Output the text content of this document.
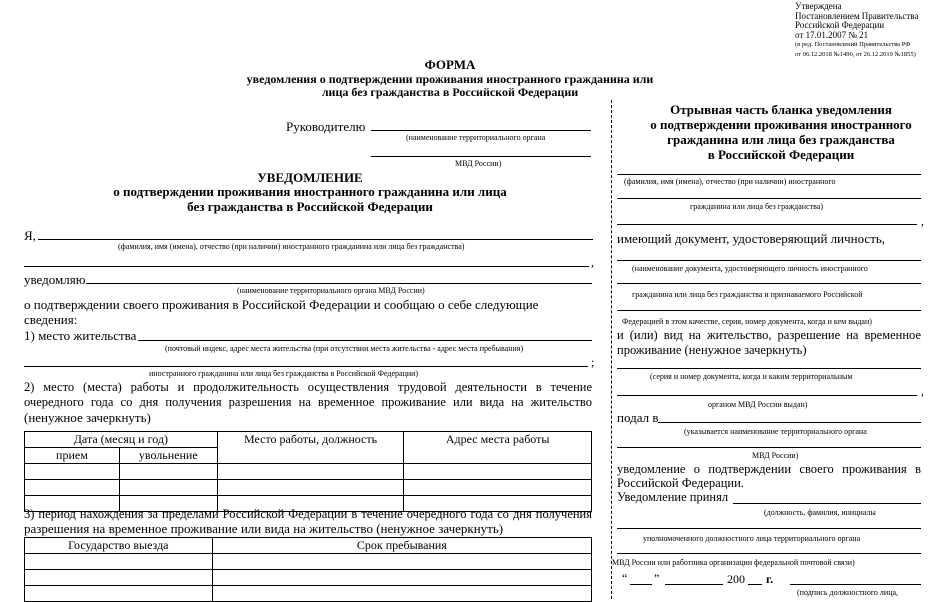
Утверждена
Постановлением Правительства
Российской Федерации
от 17.01.2007 № 21
(в ред. Постановлений Правительства РФ
от 06.12.2018 №1490, от 26.12.2019 №1855)
ФОРМА
уведомления о подтверждении проживания иностранного гражданина или
лица без гражданства в Российской Федерации
Руководителю
(наименование территориального органа
МВД России)
УВЕДОМЛЕНИЕ
о подтверждении проживания иностранного гражданина или лица
без гражданства в Российской Федерации
Я,
(фамилия, имя (имена), отчество (при наличии) иностранного гражданина или лица без гражданства)
,
уведомляю
(наименование территориального органа МВД России)
о подтверждении своего проживания в Российской Федерации и сообщаю о себе следующие
сведения:
1) место жительства
(почтовый индекс, адрес места жительства (при отсутствии места жительства - адрес места пребывания)
;
иностранного гражданина или лица без гражданства в Российской Федерации)
2) место (места) работы и продолжительность осуществления трудовой деятельности в течение
очередного года со дня получения разрешения на временное проживание или вида на жительство
(ненужное зачеркнуть)
Дата (месяц и год)		Место работы, должность	Адрес места работы
прием	увольнение		

3) период нахождения за пределами Российской Федерации в течение очередного года со дня получения
разрешения на временное проживание или вида на жительство (ненужное зачеркнуть)
Государство выезда	Срок пребывания

Отрывная часть бланка уведомления
о подтверждении проживания иностранного
гражданина или лица без гражданства
в Российской Федерации
(фамилия, имя (имена), отчество (при наличии) иностранного
гражданина или лица без гражданства)
,
имеющий документ, удостоверяющий личность,
(наименование документа, удостоверяющего личность иностранного
гражданина или лица без гражданства и признаваемого Российской
Федерацией в этом качестве, серия, номер документа, когда и кем выдан)
и (или) вид на жительство, разрешение на временное
проживание (ненужное зачеркнуть)
(серия и номер документа, когда и каким территориальным
,
органом МВД России выдан)
подал в
(указывается наименование территориального органа
МВД России)
уведомление о подтверждении своего проживания в
Российской Федерации.
Уведомление принял
(должность, фамилия, инициалы
уполномоченного должностного лица территориального органа
МВД России или работника организации федеральной почтовой связи)
“ ”	200 г.
(подпись должностного лица,
